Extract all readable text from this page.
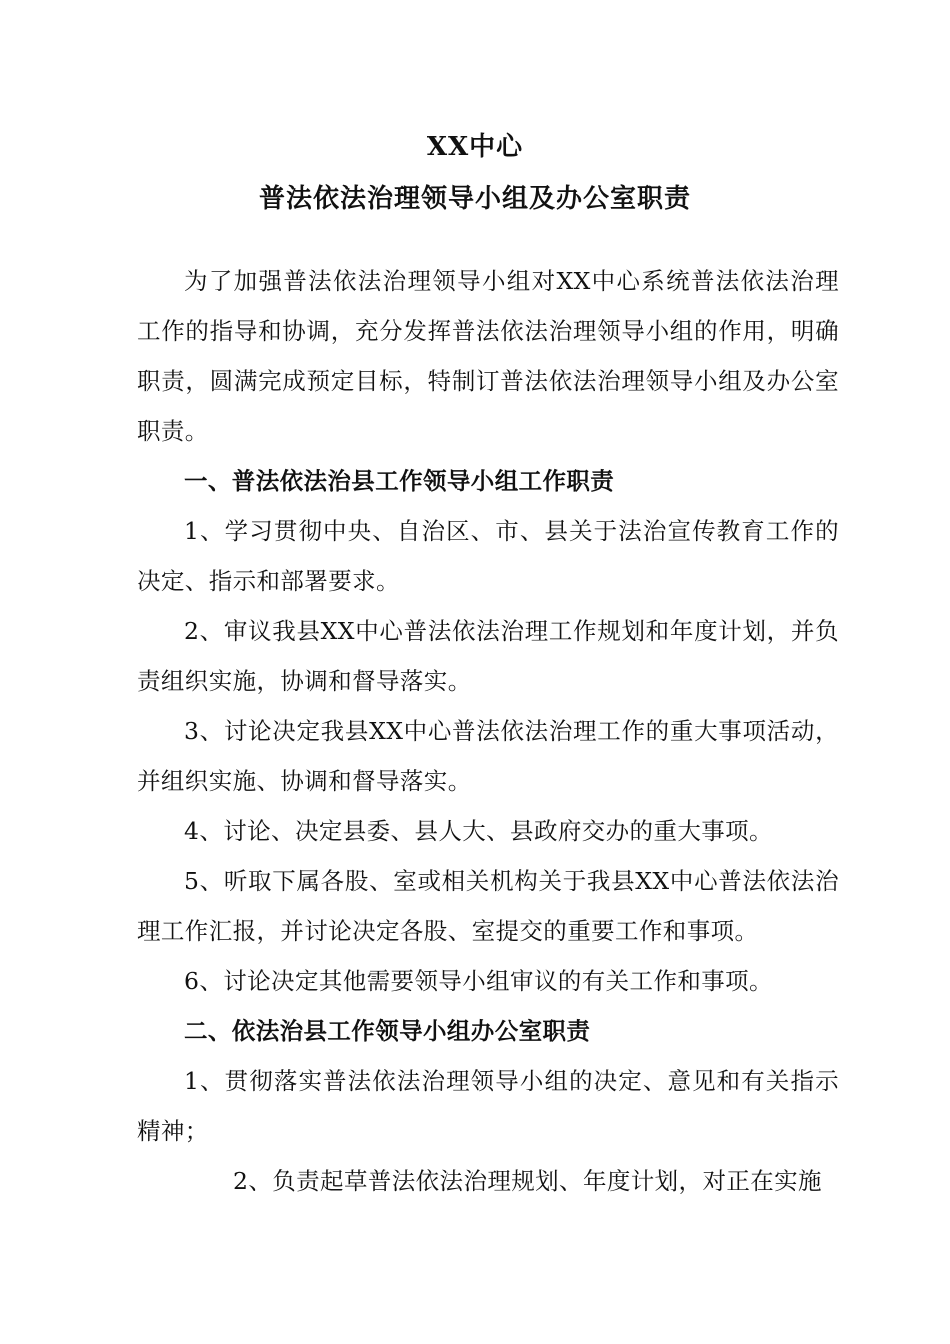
XX中心
普法依法治理领导小组及办公室职责

为了加强普法依法治理领导小组对XX中心系统普法依法治理工作的指导和协调，充分发挥普法依法治理领导小组的作用，明确职责，圆满完成预定目标，特制订普法依法治理领导小组及办公室职责。

一、普法依法治县工作领导小组工作职责

1、学习贯彻中央、自治区、市、县关于法治宣传教育工作的决定、指示和部署要求。

2、审议我县XX中心普法依法治理工作规划和年度计划，并负责组织实施，协调和督导落实。

3、讨论决定我县XX中心普法依法治理工作的重大事项活动，并组织实施、协调和督导落实。

4、讨论、决定县委、县人大、县政府交办的重大事项。

5、听取下属各股、室或相关机构关于我县XX中心普法依法治理工作汇报，并讨论决定各股、室提交的重要工作和事项。

6、讨论决定其他需要领导小组审议的有关工作和事项。

二、依法治县工作领导小组办公室职责

1、贯彻落实普法依法治理领导小组的决定、意见和有关指示精神；

2、负责起草普法依法治理规划、年度计划，对正在实施
